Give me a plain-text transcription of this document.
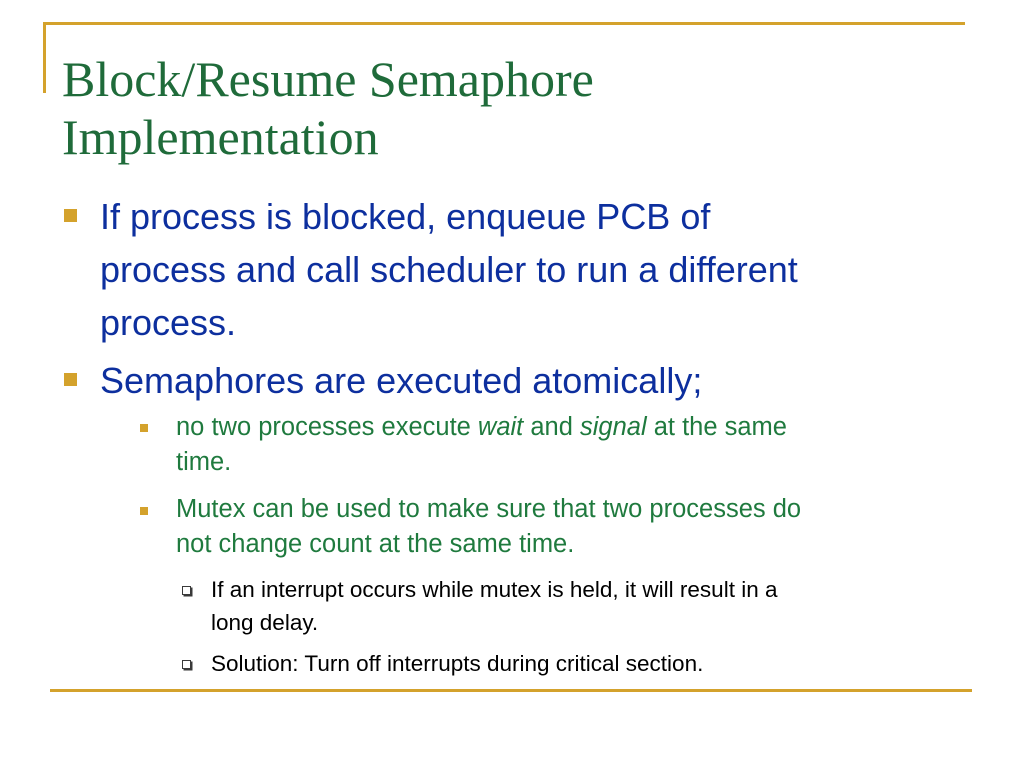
Block/Resume Semaphore
Implementation
If process is blocked, enqueue PCB of
process and call scheduler to run a different
process.
Semaphores are executed atomically;
no two processes execute wait and signal at the same
time.
Mutex can be used to make sure that two processes do
not change count at the same time.
If an interrupt occurs while mutex is held, it will result in a
long delay.
Solution: Turn off interrupts during critical section.
